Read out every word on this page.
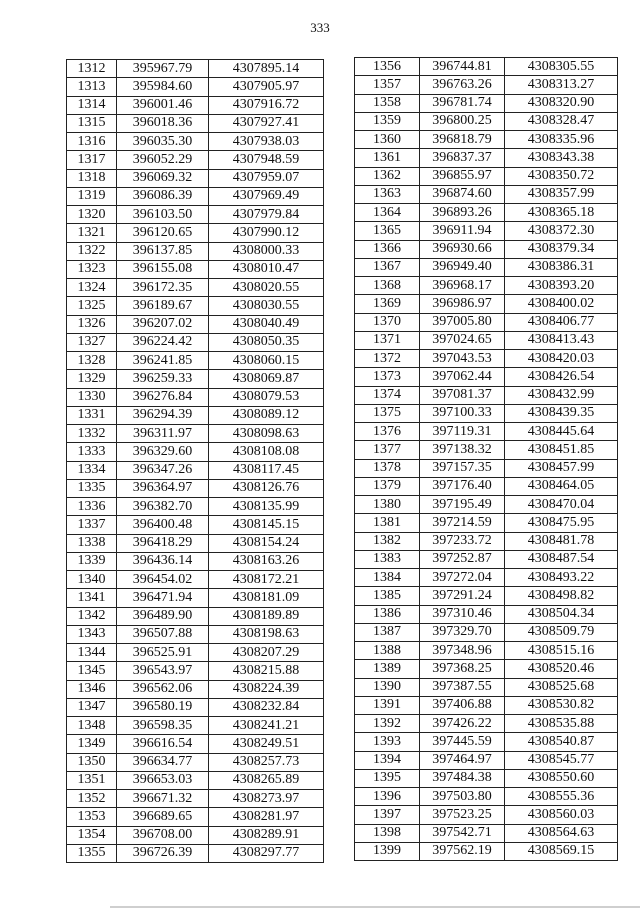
333
1312	395967.79	4307895.14
1313	395984.60	4307905.97
1314	396001.46	4307916.72
1315	396018.36	4307927.41
1316	396035.30	4307938.03
1317	396052.29	4307948.59
1318	396069.32	4307959.07
1319	396086.39	4307969.49
1320	396103.50	4307979.84
1321	396120.65	4307990.12
1322	396137.85	4308000.33
1323	396155.08	4308010.47
1324	396172.35	4308020.55
1325	396189.67	4308030.55
1326	396207.02	4308040.49
1327	396224.42	4308050.35
1328	396241.85	4308060.15
1329	396259.33	4308069.87
1330	396276.84	4308079.53
1331	396294.39	4308089.12
1332	396311.97	4308098.63
1333	396329.60	4308108.08
1334	396347.26	4308117.45
1335	396364.97	4308126.76
1336	396382.70	4308135.99
1337	396400.48	4308145.15
1338	396418.29	4308154.24
1339	396436.14	4308163.26
1340	396454.02	4308172.21
1341	396471.94	4308181.09
1342	396489.90	4308189.89
1343	396507.88	4308198.63
1344	396525.91	4308207.29
1345	396543.97	4308215.88
1346	396562.06	4308224.39
1347	396580.19	4308232.84
1348	396598.35	4308241.21
1349	396616.54	4308249.51
1350	396634.77	4308257.73
1351	396653.03	4308265.89
1352	396671.32	4308273.97
1353	396689.65	4308281.97
1354	396708.00	4308289.91
1355	396726.39	4308297.77
1356	396744.81	4308305.55
1357	396763.26	4308313.27
1358	396781.74	4308320.90
1359	396800.25	4308328.47
1360	396818.79	4308335.96
1361	396837.37	4308343.38
1362	396855.97	4308350.72
1363	396874.60	4308357.99
1364	396893.26	4308365.18
1365	396911.94	4308372.30
1366	396930.66	4308379.34
1367	396949.40	4308386.31
1368	396968.17	4308393.20
1369	396986.97	4308400.02
1370	397005.80	4308406.77
1371	397024.65	4308413.43
1372	397043.53	4308420.03
1373	397062.44	4308426.54
1374	397081.37	4308432.99
1375	397100.33	4308439.35
1376	397119.31	4308445.64
1377	397138.32	4308451.85
1378	397157.35	4308457.99
1379	397176.40	4308464.05
1380	397195.49	4308470.04
1381	397214.59	4308475.95
1382	397233.72	4308481.78
1383	397252.87	4308487.54
1384	397272.04	4308493.22
1385	397291.24	4308498.82
1386	397310.46	4308504.34
1387	397329.70	4308509.79
1388	397348.96	4308515.16
1389	397368.25	4308520.46
1390	397387.55	4308525.68
1391	397406.88	4308530.82
1392	397426.22	4308535.88
1393	397445.59	4308540.87
1394	397464.97	4308545.77
1395	397484.38	4308550.60
1396	397503.80	4308555.36
1397	397523.25	4308560.03
1398	397542.71	4308564.63
1399	397562.19	4308569.15
